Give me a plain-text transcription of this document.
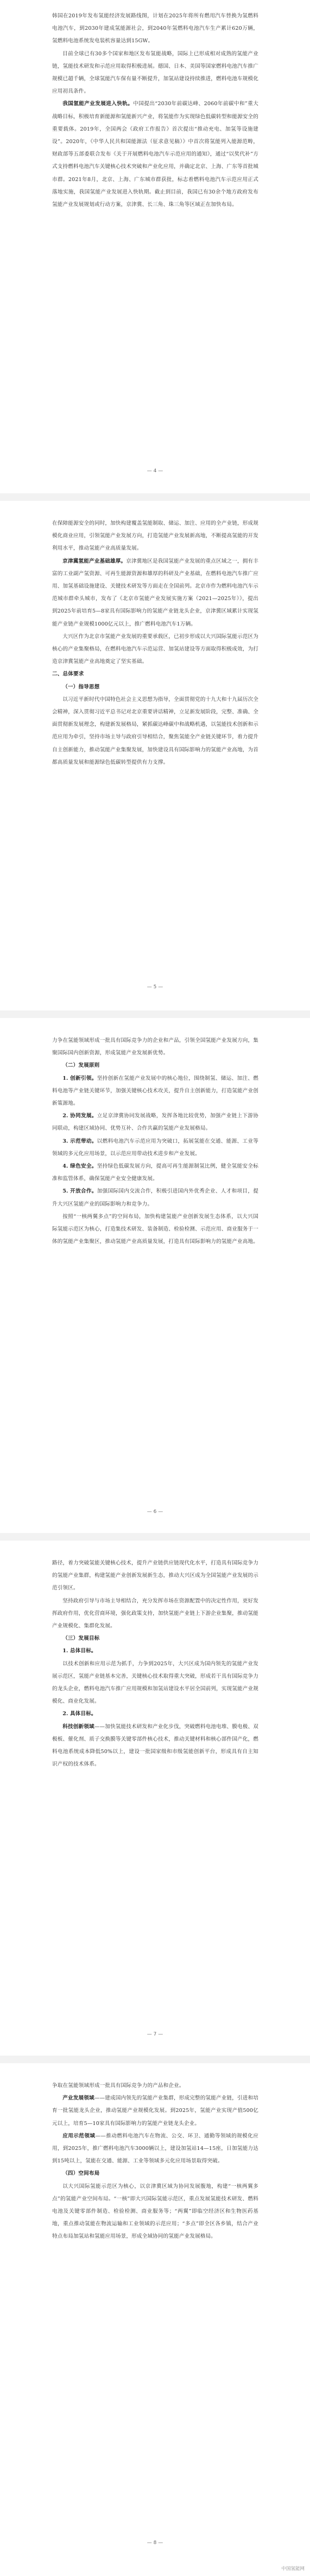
韩国在2019年发布氢能经济发展路线图，计划在2025年将所有燃用汽车替换为氢燃料电池汽车，到2030年建成氢能源社会，到2040年氢燃料电池汽车生产累计620万辆，氢燃料电池系统发电装机容量达到15GW。

目前全球已有30多个国家和地区发布氢能战略，国际上已形成相对成熟的氢能产业链，氢能技术研发和示范应用取得积极进展。德国、日本、美国等国家燃料电池汽车推广规模已超千辆，全球氢能汽车保有量不断提升，加氢站建设持续推进，燃料电池车规模化应用初具条件。

我国氢能产业发展进入快轨。中国提出“2030年前碳达峰、2060年前碳中和”重大战略目标，积极培育新能源和氢能新兴产业，将氢能作为实现绿色低碳转型和能源安全的重要载体。2019年，全国两会《政府工作报告》首次提出“推动充电、加氢等设施建设”。2020年，《中华人民共和国能源法（征求意见稿）》中首次将氢能列入能源范畴，财政部等五部委联合发布《关于开展燃料电池汽车示范应用的通知》，通过“以奖代补”方式支持燃料电池汽车关键核心技术突破和产业化应用，并确定北京、上海、广东等首批城市群。2021年8月，北京、上海、广东城市群获批，标志着燃料电池汽车示范应用正式落地实施，我国氢能产业发展进入快轨期。截止到目前，我国已有30余个地方政府发布氢能产业发展规划或行动方案，京津冀、长三角、珠三角等区域正在加快布局。

— 4 —

在保障能源安全的同时，加快构建覆盖氢能制取、储运、加注、应用的全产业链，形成规模化商业应用，引领氢能产业发展方向，打造氢能产业发展新高地，不断提高氢能的开发利用水平，推动氢能产业高质量发展。

京津冀氢能产业基础雄厚。京津冀地区是我国氢能产业发展的重点区域之一，拥有丰富的工业副产氢资源、可再生能源资源和雄厚的科研及产业基础，在燃料电池汽车推广应用、加氢基础设施建设、关键技术研发等方面走在全国前列。北京市作为燃料电池汽车示范城市群牵头城市，发布了《北京市氢能产业发展实施方案（2021—2025年）》，提出到2025年前培育5—8家具有国际影响力的氢能产业链龙头企业，京津冀区域累计实现氢能产业链产业规模1000亿元以上，推广燃料电池汽车1万辆。

大兴区作为北京市氢能产业发展的重要承载区，已初步形成以大兴国际氢能示范区为核心的产业集聚格局，在燃料电池汽车示范运营、加氢站建设等方面取得积极成效，为打造京津冀氢能产业高地奠定了坚实基础。

二、总体要求

（一）指导思想

以习近平新时代中国特色社会主义思想为指导，全面贯彻党的十九大和十九届历次全会精神，深入贯彻习近平总书记对北京重要讲话精神，立足新发展阶段，完整、准确、全面贯彻新发展理念，构建新发展格局，紧抓碳达峰碳中和战略机遇，以氢能技术创新和示范应用为牵引，坚持市场主导与政府引导相结合，聚焦氢能全产业链关键环节，着力提升自主创新能力，推动氢能产业集聚发展，加快建设具有国际影响力的氢能产业高地，为首都高质量发展和能源绿色低碳转型提供有力支撑。

— 5 —

力争在氢能领域形成一批具有国际竞争力的企业和产品，引领全国氢能产业发展方向，集聚国际国内创新资源，形成氢能产业发展新优势。

（二）发展原则

1. 创新引领。坚持创新在氢能产业发展中的核心地位，围绕制氢、储运、加注、燃料电池等产业链关键环节，加强关键核心技术攻关，提升自主创新能力，打造氢能产业创新策源地。

2. 协同发展。立足京津冀协同发展战略，发挥各地比较优势，加强产业链上下游协同联动，构建区域协同、优势互补、合作共赢的氢能产业发展格局。

3. 示范带动。以燃料电池汽车示范应用为突破口，拓展氢能在交通、能源、工业等领域的多元化应用场景，以示范应用带动技术进步和产业发展。

4. 绿色安全。坚持绿色低碳发展方向，提高可再生能源制氢比例，健全氢能安全标准和监管体系，确保氢能产业安全健康发展。

5. 开放合作。加强国际国内交流合作，积极引进国内外优秀企业、人才和项目，提升大兴区氢能产业的国际影响力和竞争力。

按照“一核两翼多点”的空间布局，加快构建氢能产业创新发展生态体系，以大兴国际氢能示范区为核心，打造集技术研发、装备制造、检验检测、示范应用、商业服务于一体的氢能产业集聚区，推动氢能产业高质量发展，打造具有国际影响力的氢能产业高地。

— 6 —

路径，着力突破氢能关键核心技术，提升产业链供应链现代化水平，打造具有国际竞争力的氢能产业集群，构建氢能产业创新发展新生态，推动大兴区成为全国氢能产业发展的示范引领区。

坚持政府引导与市场主导相结合，充分发挥市场在资源配置中的决定性作用，更好发挥政府作用，优化营商环境，强化政策支持，加快氢能产业链上下游企业集聚，推动氢能产业规模化、集群化发展。

（三）发展目标

1. 总体目标。

以技术创新和应用示范为抓手，力争到2025年，大兴区成为国内领先的氢能产业发展示范区，氢能产业链基本完善，关键核心技术取得重大突破，形成若干具有国际竞争力的龙头企业，燃料电池汽车推广应用规模和加氢站建设水平居全国前列，实现氢能产业规模化、商业化发展。

2. 具体目标。

科技创新领域——加快氢能技术研发和产业化步伐，突破燃料电池电堆、膜电极、双极板、催化剂、质子交换膜等关键零部件核心技术，推动关键材料和核心部件国产化，燃料电池系统成本降低50%以上，建设一批国家级和市级氢能创新平台，形成具有自主知识产权的技术体系。

— 7 —

争取在氢能领域形成一批具有国际竞争力的产品和企业。

产业发展领域——建成国内领先的氢能产业集群，形成完整的氢能产业链，引进和培育一批氢能龙头企业，推动氢能产业规模化发展。到2025年，氢能产业实现产值500亿元以上，培育5—10家具有国际影响力的氢能产业链龙头企业。

应用示范领域——推动燃料电池汽车在物流、公交、环卫、通勤等领域的规模化应用，到2025年，推广燃料电池汽车3000辆以上，建设加氢站14—15座，日加氢能力达到15吨以上，氢能在交通、能源、工业等领域多元化应用场景取得突破。

（四）空间布局

以大兴国际氢能示范区为核心，以京津冀区域为协同发展腹地，构建“一核两翼多点”的氢能产业空间布局。“一核”即大兴国际氢能示范区，重点发展氢能技术研发、燃料电池及关键零部件制造、检验检测、商业服务等；“两翼”即临空经济区和生物医药基地，重点推动氢能在物流运输和工业领域的示范应用；“多点”即全区各乡镇，结合产业特点布局加氢站和氢能应用场景，形成全域协同的氢能产业发展格局。

— 8 —
中国氢能网
